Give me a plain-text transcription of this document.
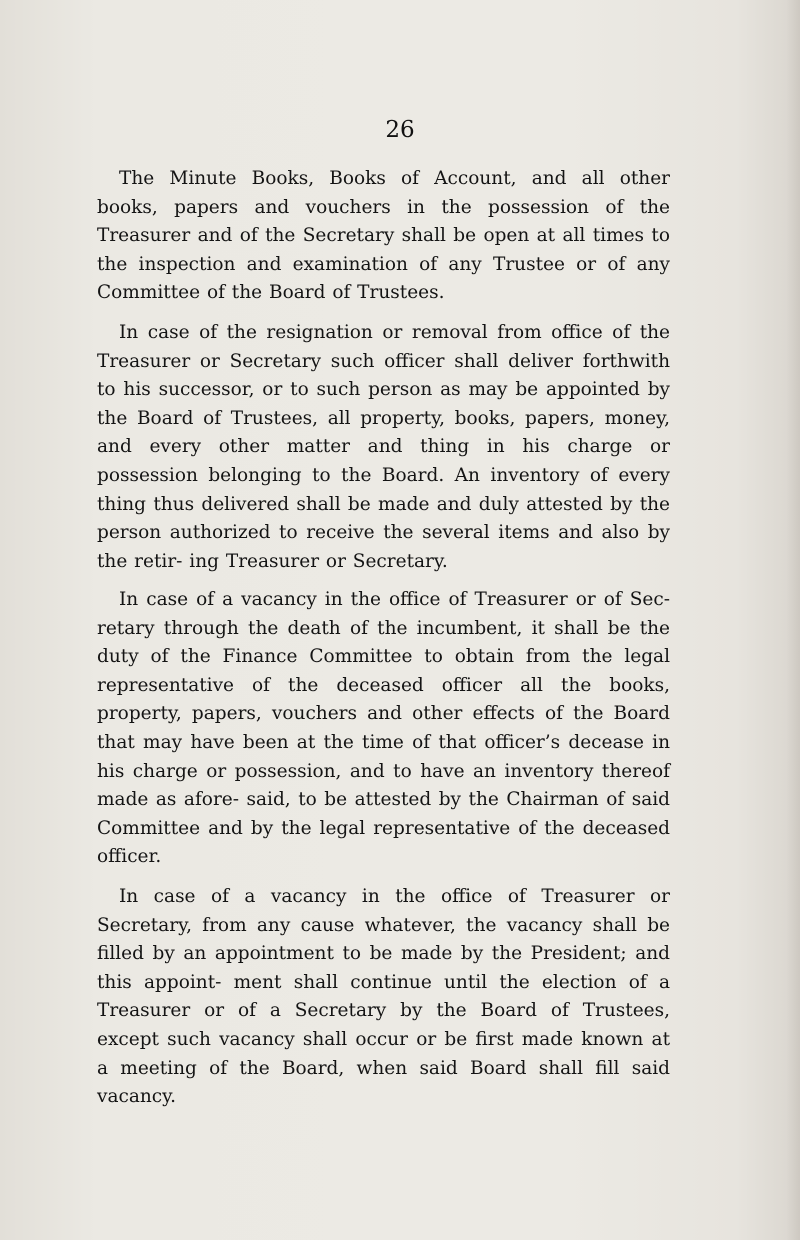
26

The Minute Books, Books of Account, and all other books, papers and vouchers in the possession of the Treasurer and of the Secretary shall be open at all times to the inspection and examination of any Trustee or of any Committee of the Board of Trustees.

In case of the resignation or removal from office of the Treasurer or Secretary such officer shall deliver forthwith to his successor, or to such person as may be appointed by the Board of Trustees, all property, books, papers, money, and every other matter and thing in his charge or possession belonging to the Board. An inventory of every thing thus delivered shall be made and duly attested by the person authorized to receive the several items and also by the retir- ing Treasurer or Secretary.

In case of a vacancy in the office of Treasurer or of Sec- retary through the death of the incumbent, it shall be the duty of the Finance Committee to obtain from the legal representative of the deceased officer all the books, property, papers, vouchers and other effects of the Board that may have been at the time of that officer’s decease in his charge or possession, and to have an inventory thereof made as afore- said, to be attested by the Chairman of said Committee and by the legal representative of the deceased officer.

In case of a vacancy in the office of Treasurer or Secretary, from any cause whatever, the vacancy shall be filled by an appointment to be made by the President; and this appoint- ment shall continue until the election of a Treasurer or of a Secretary by the Board of Trustees, except such vacancy shall occur or be first made known at a meeting of the Board, when said Board shall fill said vacancy.
